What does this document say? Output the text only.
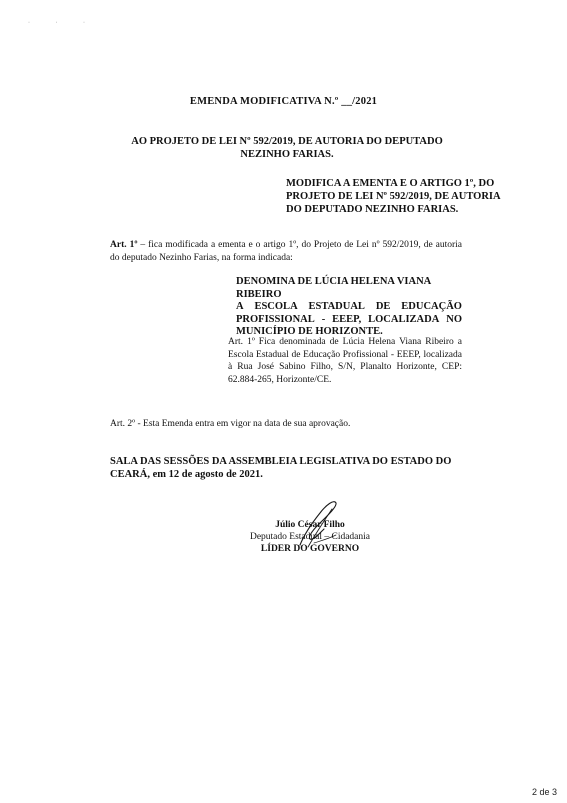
· · ·
EMENDA MODIFICATIVA N.º __/2021
AO PROJETO DE LEI Nº 592/2019, DE AUTORIA DO DEPUTADO NEZINHO FARIAS.
MODIFICA A EMENTA E O ARTIGO 1º, DO
PROJETO DE LEI Nº 592/2019, DE AUTORIA
DO DEPUTADO NEZINHO FARIAS.
Art. 1º – fica modificada a ementa e o artigo 1º, do Projeto de Lei nº 592/2019, de autoria do deputado Nezinho Farias, na forma indicada:
DENOMINA DE LÚCIA HELENA VIANA RIBEIRO
A ESCOLA ESTADUAL DE EDUCAÇÃO
PROFISSIONAL - EEEP, LOCALIZADA NO
MUNICÍPIO DE HORIZONTE.
Art. 1º Fica denominada de Lúcia Helena Viana Ribeiro a Escola Estadual de Educação Profissional - EEEP, localizada à Rua José Sabino Filho, S/N, Planalto Horizonte, CEP: 62.884-265, Horizonte/CE.
Art. 2º - Esta Emenda entra em vigor na data de sua aprovação.
SALA DAS SESSÕES DA ASSEMBLEIA LEGISLATIVA DO ESTADO DO CEARÁ, em 12 de agosto de 2021.
Júlio César Filho
Deputado Estadual – Cidadania
LÍDER DO GOVERNO
2 de 3
